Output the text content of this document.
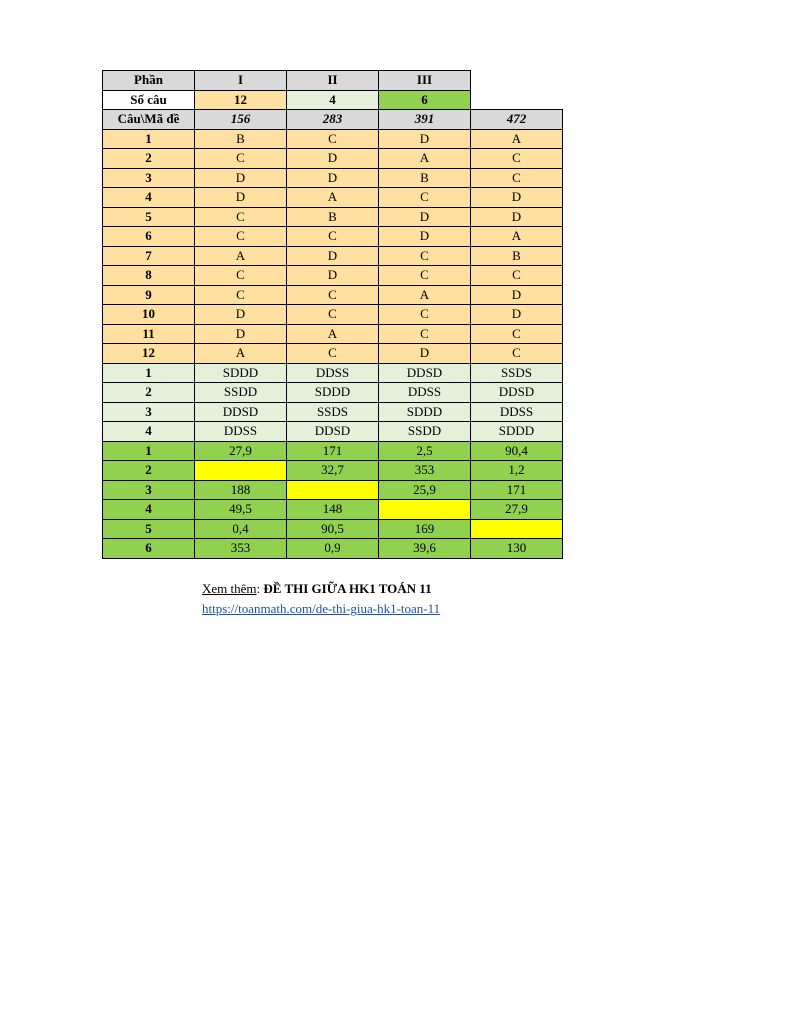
Phần	I	II	III	
Số câu	12	4	6	
Câu\Mã đề	156	283	391	472
1	B	C	D	A
2	C	D	A	C
3	D	D	B	C
4	D	A	C	D
5	C	B	D	D
6	C	C	D	A
7	A	D	C	B
8	C	D	C	C
9	C	C	A	D
10	D	C	C	D
11	D	A	C	C
12	A	C	D	C
1	SDDD	DDSS	DDSD	SSDS
2	SSDD	SDDD	DDSS	DDSD
3	DDSD	SSDS	SDDD	DDSS
4	DDSS	DDSD	SSDD	SDDD
1	27,9	171	2,5	90,4
2		32,7	353	1,2
3	188		25,9	171
4	49,5	148		27,9
5	0,4	90,5	169	
6	353	0,9	39,6	130
Xem thêm: ĐỀ THI GIỮA HK1 TOÁN 11
https://toanmath.com/de-thi-giua-hk1-toan-11
